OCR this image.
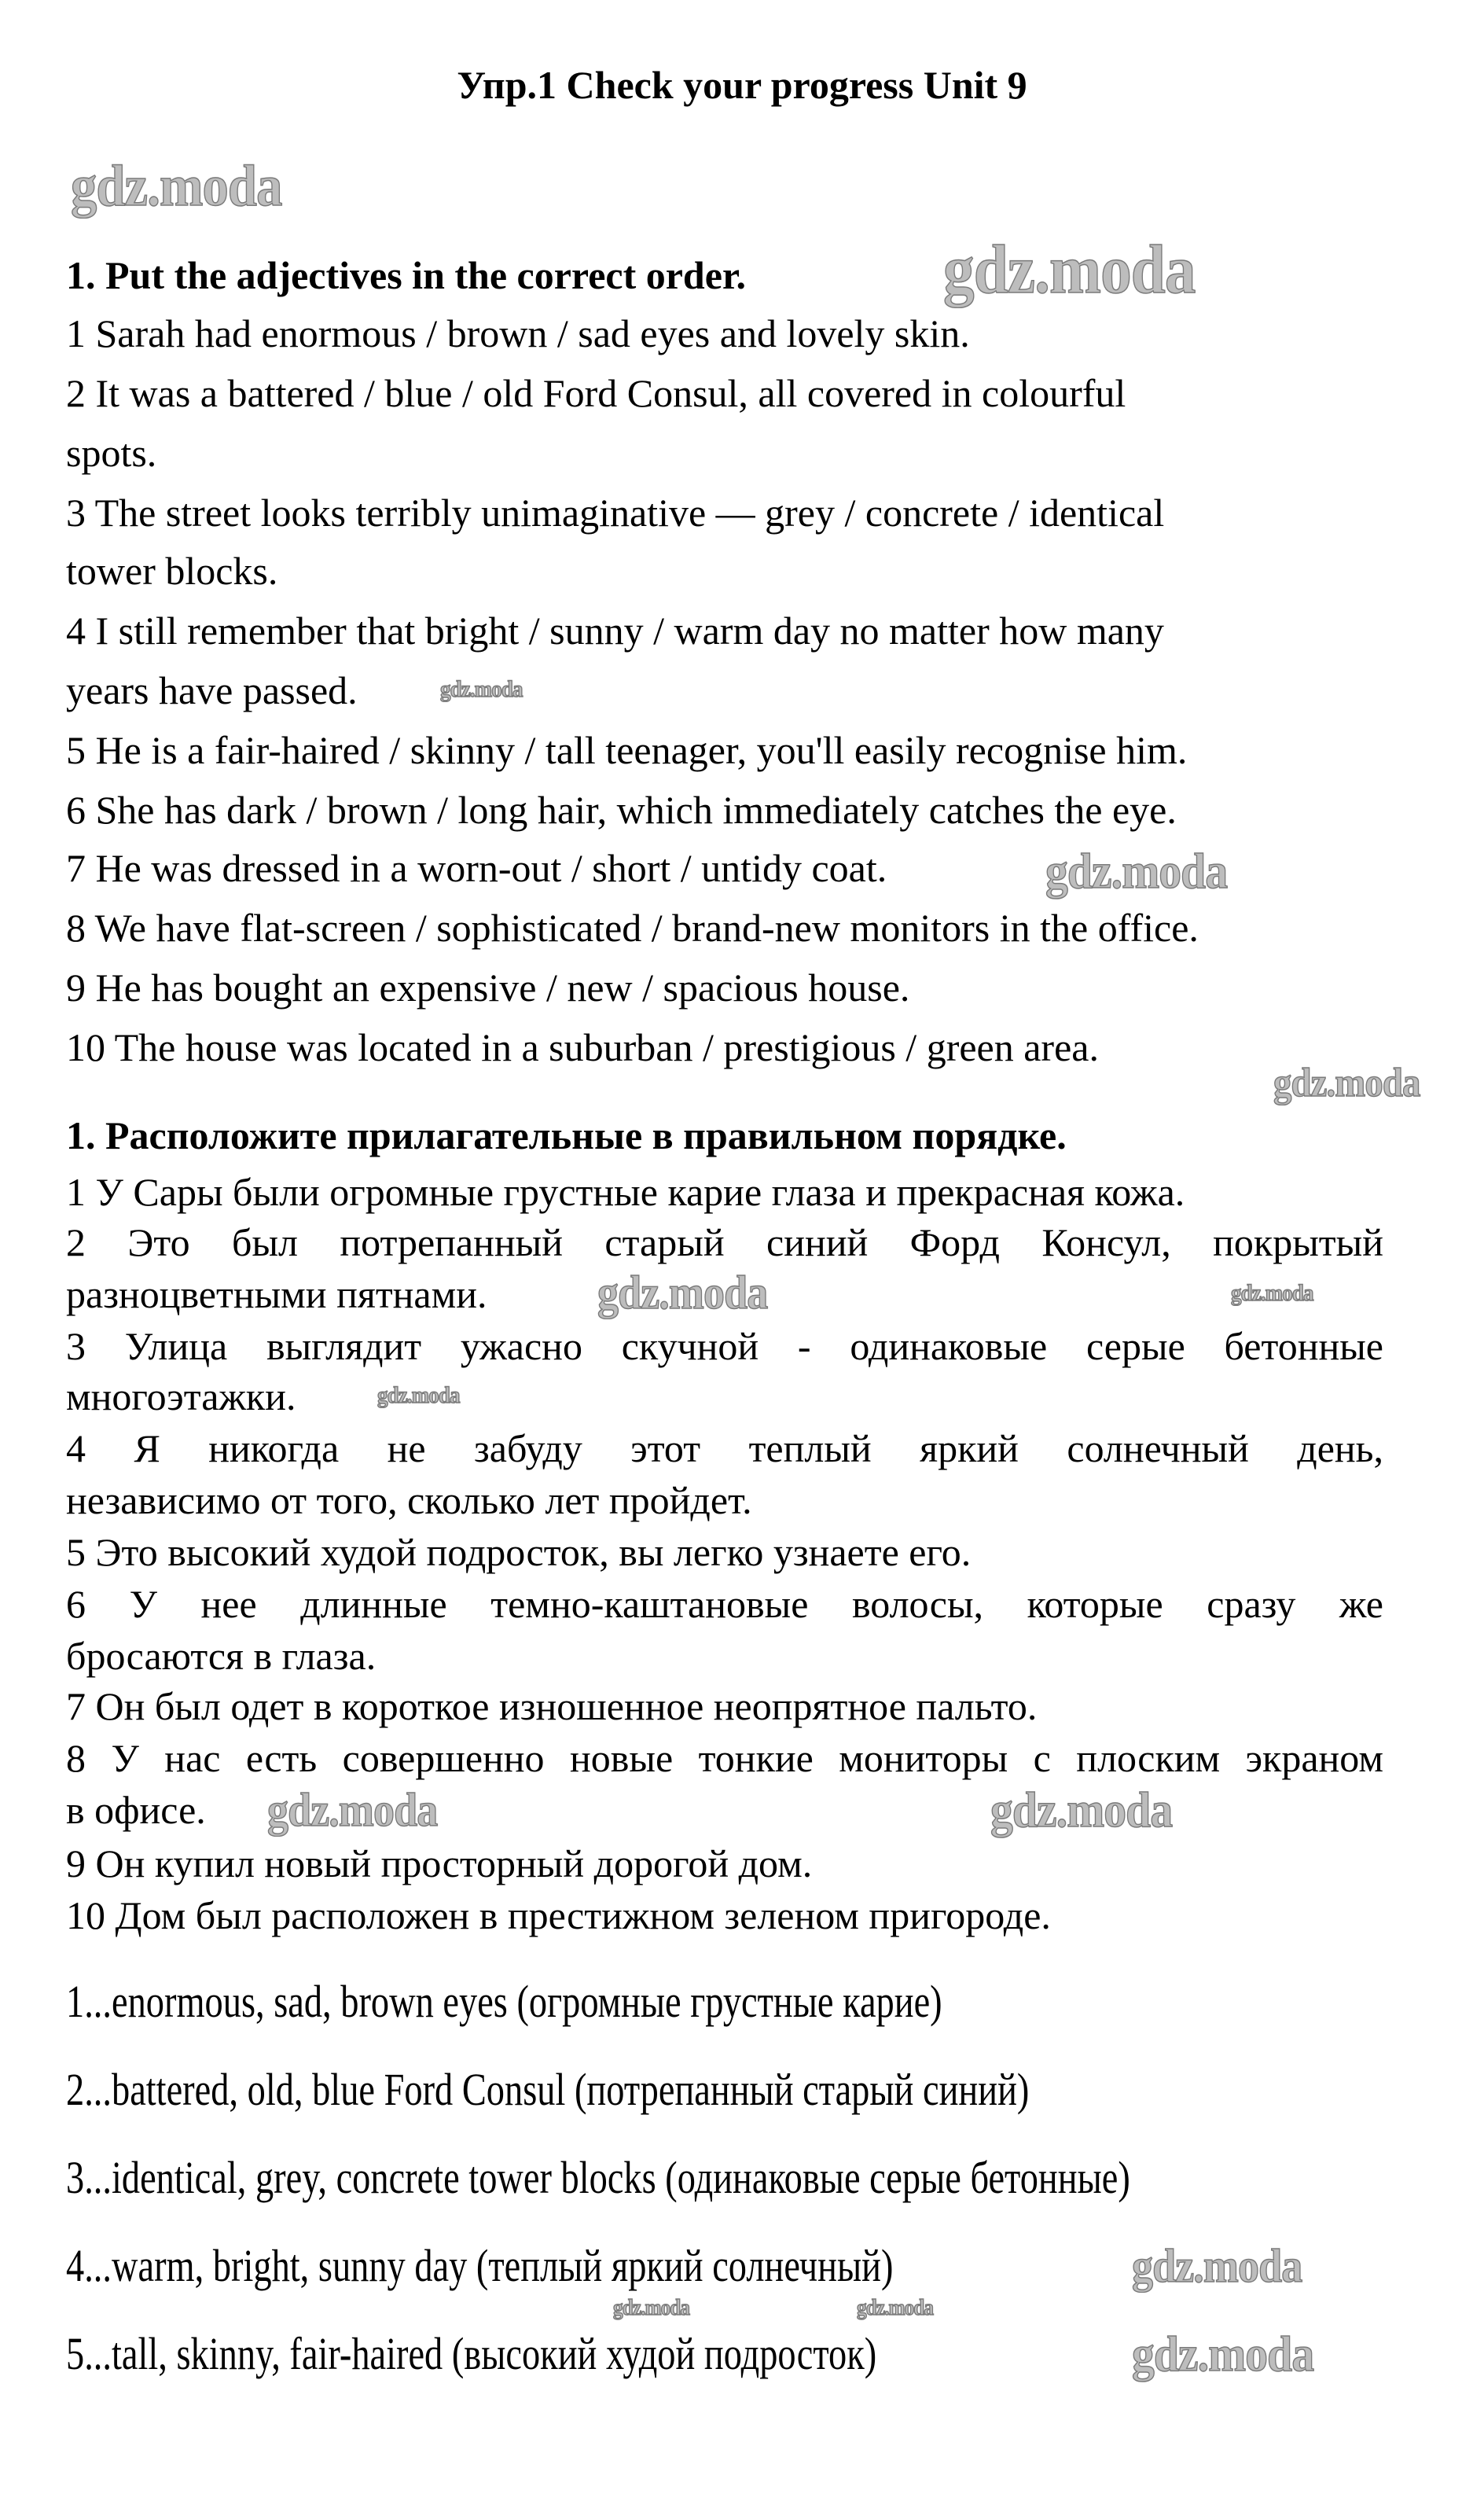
Упр.1 Check your progress Unit 9
1. Put the adjectives in the correct order.
1 Sarah had enormous / brown / sad eyes and lovely skin.
2 It was a battered / blue / old Ford Consul, all covered in colourful
spots.
3 The street looks terribly unimaginative — grey / concrete / identical
tower blocks.
4 I still remember that bright / sunny / warm day no matter how many
years have passed.
5 He is a fair-haired / skinny / tall teenager, you'll easily recognise him.
6 She has dark / brown / long hair, which immediately catches the eye.
7 He was dressed in a worn-out / short / untidy coat.
8 We have flat-screen / sophisticated / brand-new monitors in the office.
9 He has bought an expensive / new / spacious house.
10 The house was located in a suburban / prestigious / green area.
1. Расположите прилагательные в правильном порядке.
1 У Сары были огромные грустные карие глаза и прекрасная кожа.
2 Это был потрепанный старый синий Форд Консул, покрытый
разноцветными пятнами.
3 Улица выглядит ужасно скучной - одинаковые серые бетонные
многоэтажки.
4 Я никогда не забуду этот теплый яркий солнечный день,
независимо от того, сколько лет пройдет.
5 Это высокий худой подросток, вы легко узнаете его.
6 У нее длинные темно-каштановые волосы, которые сразу же
бросаются в глаза.
7 Он был одет в короткое изношенное неопрятное пальто.
8 У нас есть совершенно новые тонкие мониторы с плоским экраном
в офисе.
9 Он купил новый просторный дорогой дом.
10 Дом был расположен в престижном зеленом пригороде.
1...enormous, sad, brown eyes (огромные грустные карие)
2...battered, old, blue Ford Consul (потрепанный старый синий)
3...identical, grey, concrete tower blocks (одинаковые серые бетонные)
4...warm, bright, sunny day (теплый яркий солнечный)
5...tall, skinny, fair-haired (высокий худой подросток)
gdz.moda
gdz.moda
gdz.moda
gdz.moda
gdz.moda
gdz.moda
gdz.moda
gdz.moda
gdz.moda	gdz.moda
gdz.moda
gdz.moda	gdz.moda
gdz.moda
